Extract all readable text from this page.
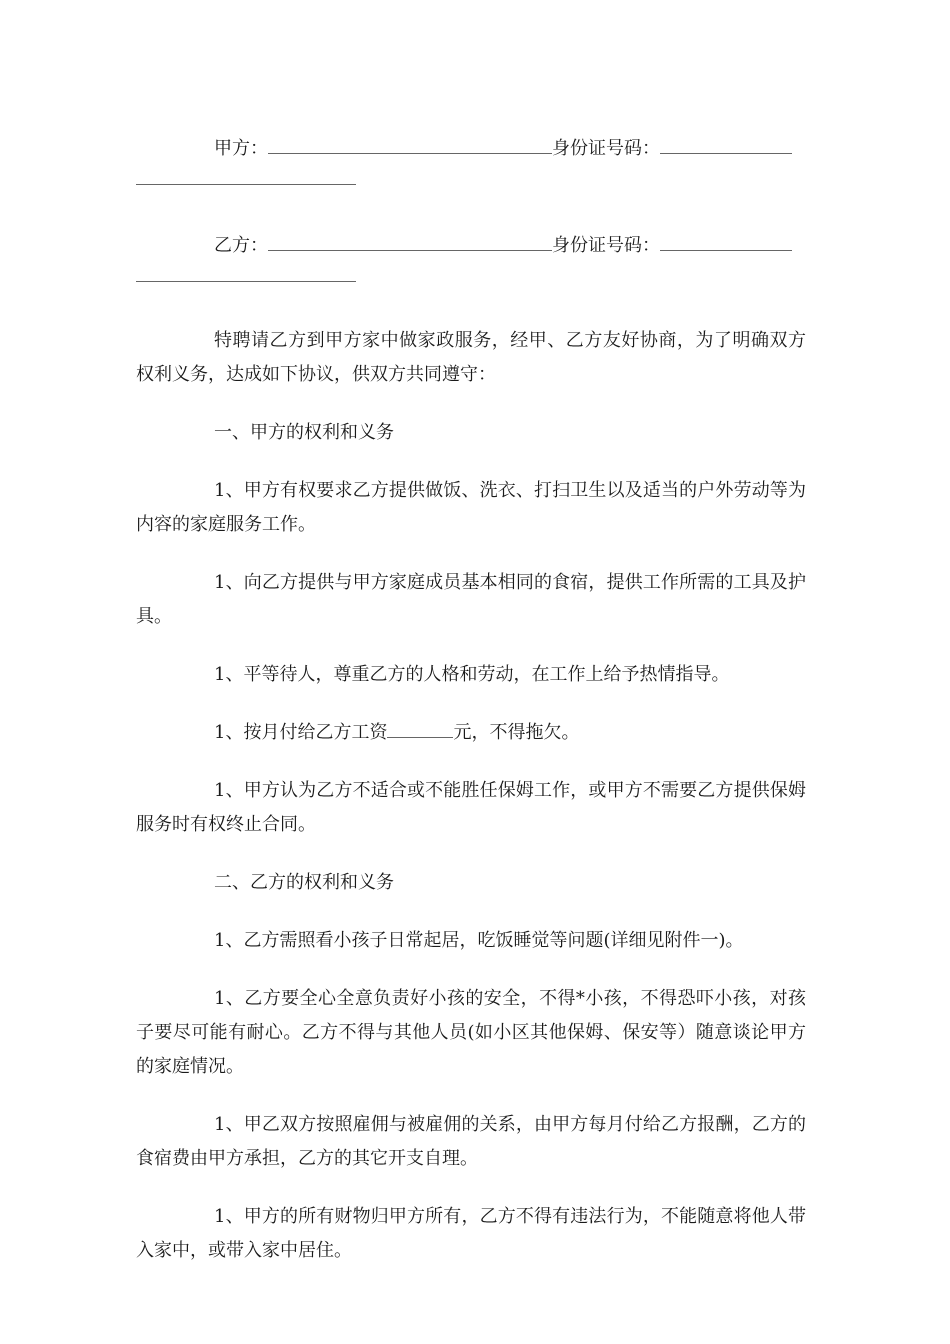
甲方：	身份证号码：
乙方：	身份证号码：

特聘请乙方到甲方家中做家政服务，经甲、乙方友好协商，为了明确双方权利义务，达成如下协议，供双方共同遵守：

一、甲方的权利和义务

1、甲方有权要求乙方提供做饭、洗衣、打扫卫生以及适当的户外劳动等为内容的家庭服务工作。

1、向乙方提供与甲方家庭成员基本相同的食宿，提供工作所需的工具及护具。

1、平等待人，尊重乙方的人格和劳动，在工作上给予热情指导。

1、按月付给乙方工资	元，不得拖欠。

1、甲方认为乙方不适合或不能胜任保姆工作，或甲方不需要乙方提供保姆服务时有权终止合同。

二、乙方的权利和义务

1、乙方需照看小孩子日常起居，吃饭睡觉等问题(详细见附件一)。

1、乙方要全心全意负责好小孩的安全，不得*小孩，不得恐吓小孩，对孩子要尽可能有耐心。乙方不得与其他人员(如小区其他保姆、保安等）随意谈论甲方的家庭情况。

1、甲乙双方按照雇佣与被雇佣的关系，由甲方每月付给乙方报酬，乙方的食宿费由甲方承担，乙方的其它开支自理。

1、甲方的所有财物归甲方所有，乙方不得有违法行为，不能随意将他人带入家中，或带入家中居住。
